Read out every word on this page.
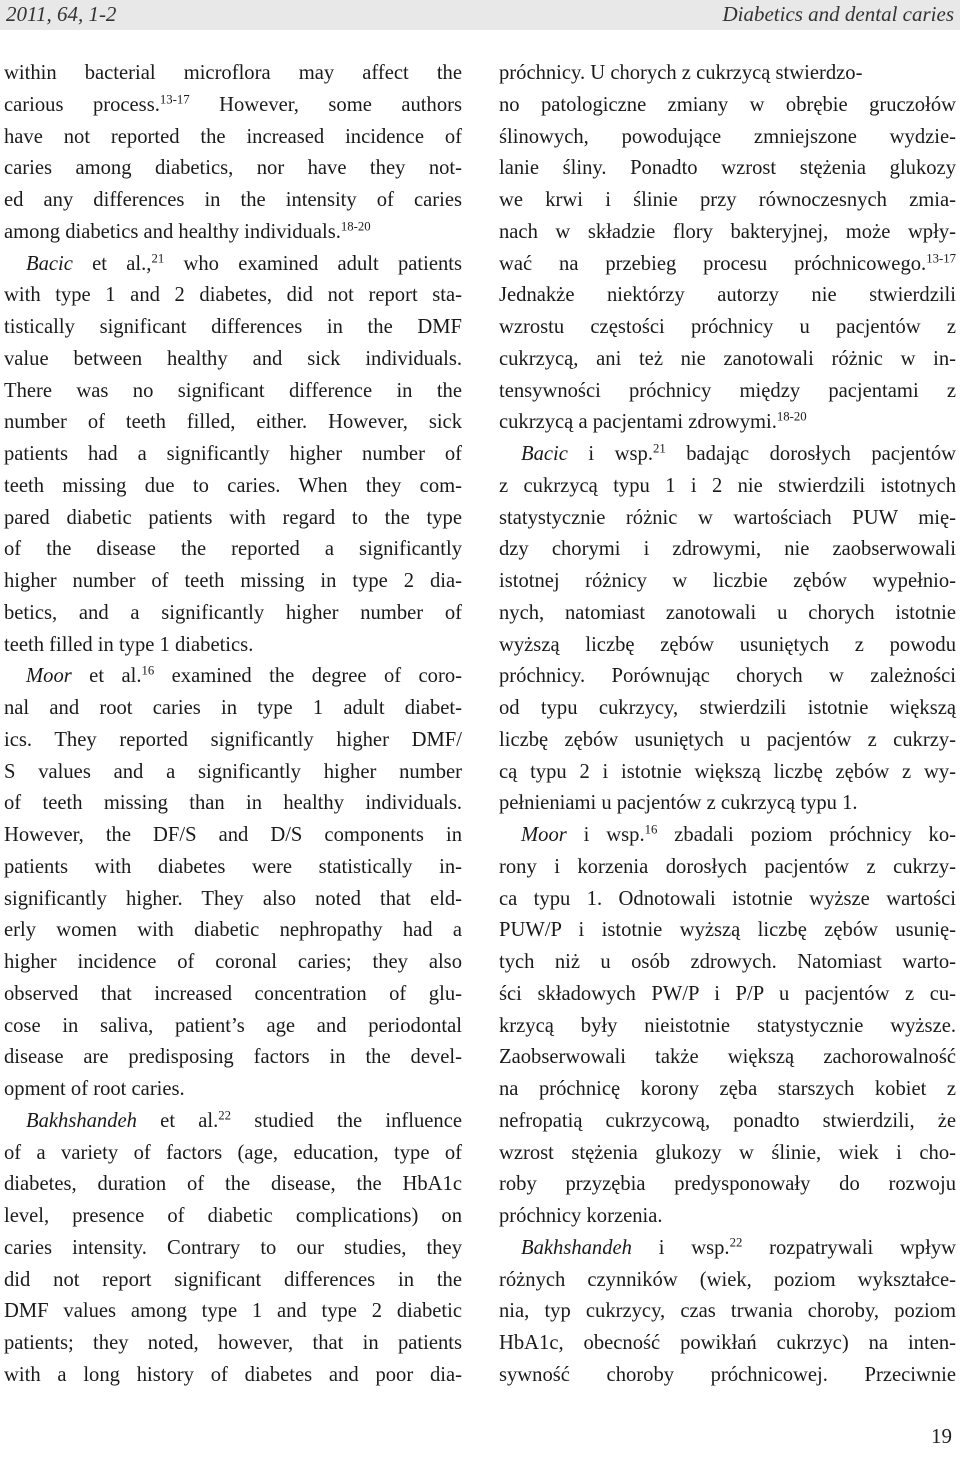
2011, 64, 1-2	Diabetics and dental caries

within bacterial microflora may affect the

carious process.$^{13-17}$ However, some authors

have not reported the increased incidence of

caries among diabetics, nor have they not-

ed any differences in the intensity of caries

among diabetics and healthy individuals.$^{18-20}$

Bacic et al.,$^{21}$ who examined adult patients

with type 1 and 2 diabetes, did not report sta-

tistically significant differences in the DMF

value between healthy and sick individuals.

There was no significant difference in the

number of teeth filled, either. However, sick

patients had a significantly higher number of

teeth missing due to caries. When they com-

pared diabetic patients with regard to the type

of the disease the reported a significantly

higher number of teeth missing in type 2 dia-

betics, and a significantly higher number of

teeth filled in type 1 diabetics.

Moor et al.$^{16}$ examined the degree of coro-

nal and root caries in type 1 adult diabet-

ics. They reported significantly higher DMF/

S values and a significantly higher number

of teeth missing than in healthy individuals.

However, the DF/S and D/S components in

patients with diabetes were statistically in-

significantly higher. They also noted that eld-

erly women with diabetic nephropathy had a

higher incidence of coronal caries; they also

observed that increased concentration of glu-

cose in saliva, patient’s age and periodontal

disease are predisposing factors in the devel-

opment of root caries.

Bakhshandeh et al.$^{22}$ studied the influence

of a variety of factors (age, education, type of

diabetes, duration of the disease, the HbA1c

level, presence of diabetic complications) on

caries intensity. Contrary to our studies, they

did not report significant differences in the

DMF values among type 1 and type 2 diabetic

patients; they noted, however, that in patients

with a long history of diabetes and poor dia-

próchnicy. U chorych z cukrzycą stwierdzo-

no patologiczne zmiany w obrębie gruczołów

ślinowych, powodujące zmniejszone wydzie-

lanie śliny. Ponadto wzrost stężenia glukozy

we krwi i ślinie przy równoczesnych zmia-

nach w składzie flory bakteryjnej, może wpły-

wać na przebieg procesu próchnicowego.$^{13-17}$

Jednakże niektórzy autorzy nie stwierdzili

wzrostu częstości próchnicy u pacjentów z

cukrzycą, ani też nie zanotowali różnic w in-

tensywności próchnicy między pacjentami z

cukrzycą a pacjentami zdrowymi.$^{18-20}$

Bacic i wsp.$^{21}$ badając dorosłych pacjentów

z cukrzycą typu 1 i 2 nie stwierdzili istotnych

statystycznie różnic w wartościach PUW mię-

dzy chorymi i zdrowymi, nie zaobserwowali

istotnej różnicy w liczbie zębów wypełnio-

nych, natomiast zanotowali u chorych istotnie

wyższą liczbę zębów usuniętych z powodu

próchnicy. Porównując chorych w zależności

od typu cukrzycy, stwierdzili istotnie większą

liczbę zębów usuniętych u pacjentów z cukrzy-

cą typu 2 i istotnie większą liczbę zębów z wy-

pełnieniami u pacjentów z cukrzycą typu 1.

Moor i wsp.$^{16}$ zbadali poziom próchnicy ko-

rony i korzenia dorosłych pacjentów z cukrzy-

ca typu 1. Odnotowali istotnie wyższe wartości

PUW/P i istotnie wyższą liczbę zębów usunię-

tych niż u osób zdrowych. Natomiast warto-

ści składowych PW/P i P/P u pacjentów z cu-

krzycą były nieistotnie statystycznie wyższe.

Zaobserwowali także większą zachorowalność

na próchnicę korony zęba starszych kobiet z

nefropatią cukrzycową, ponadto stwierdzili, że

wzrost stężenia glukozy w ślinie, wiek i cho-

roby przyzębia predysponowały do rozwoju

próchnicy korzenia.

Bakhshandeh i wsp.$^{22}$ rozpatrywali wpływ

różnych czynników (wiek, poziom wykształce-

nia, typ cukrzycy, czas trwania choroby, poziom

HbA1c, obecność powikłań cukrzyc) na inten-

sywność choroby próchnicowej. Przeciwnie

19
